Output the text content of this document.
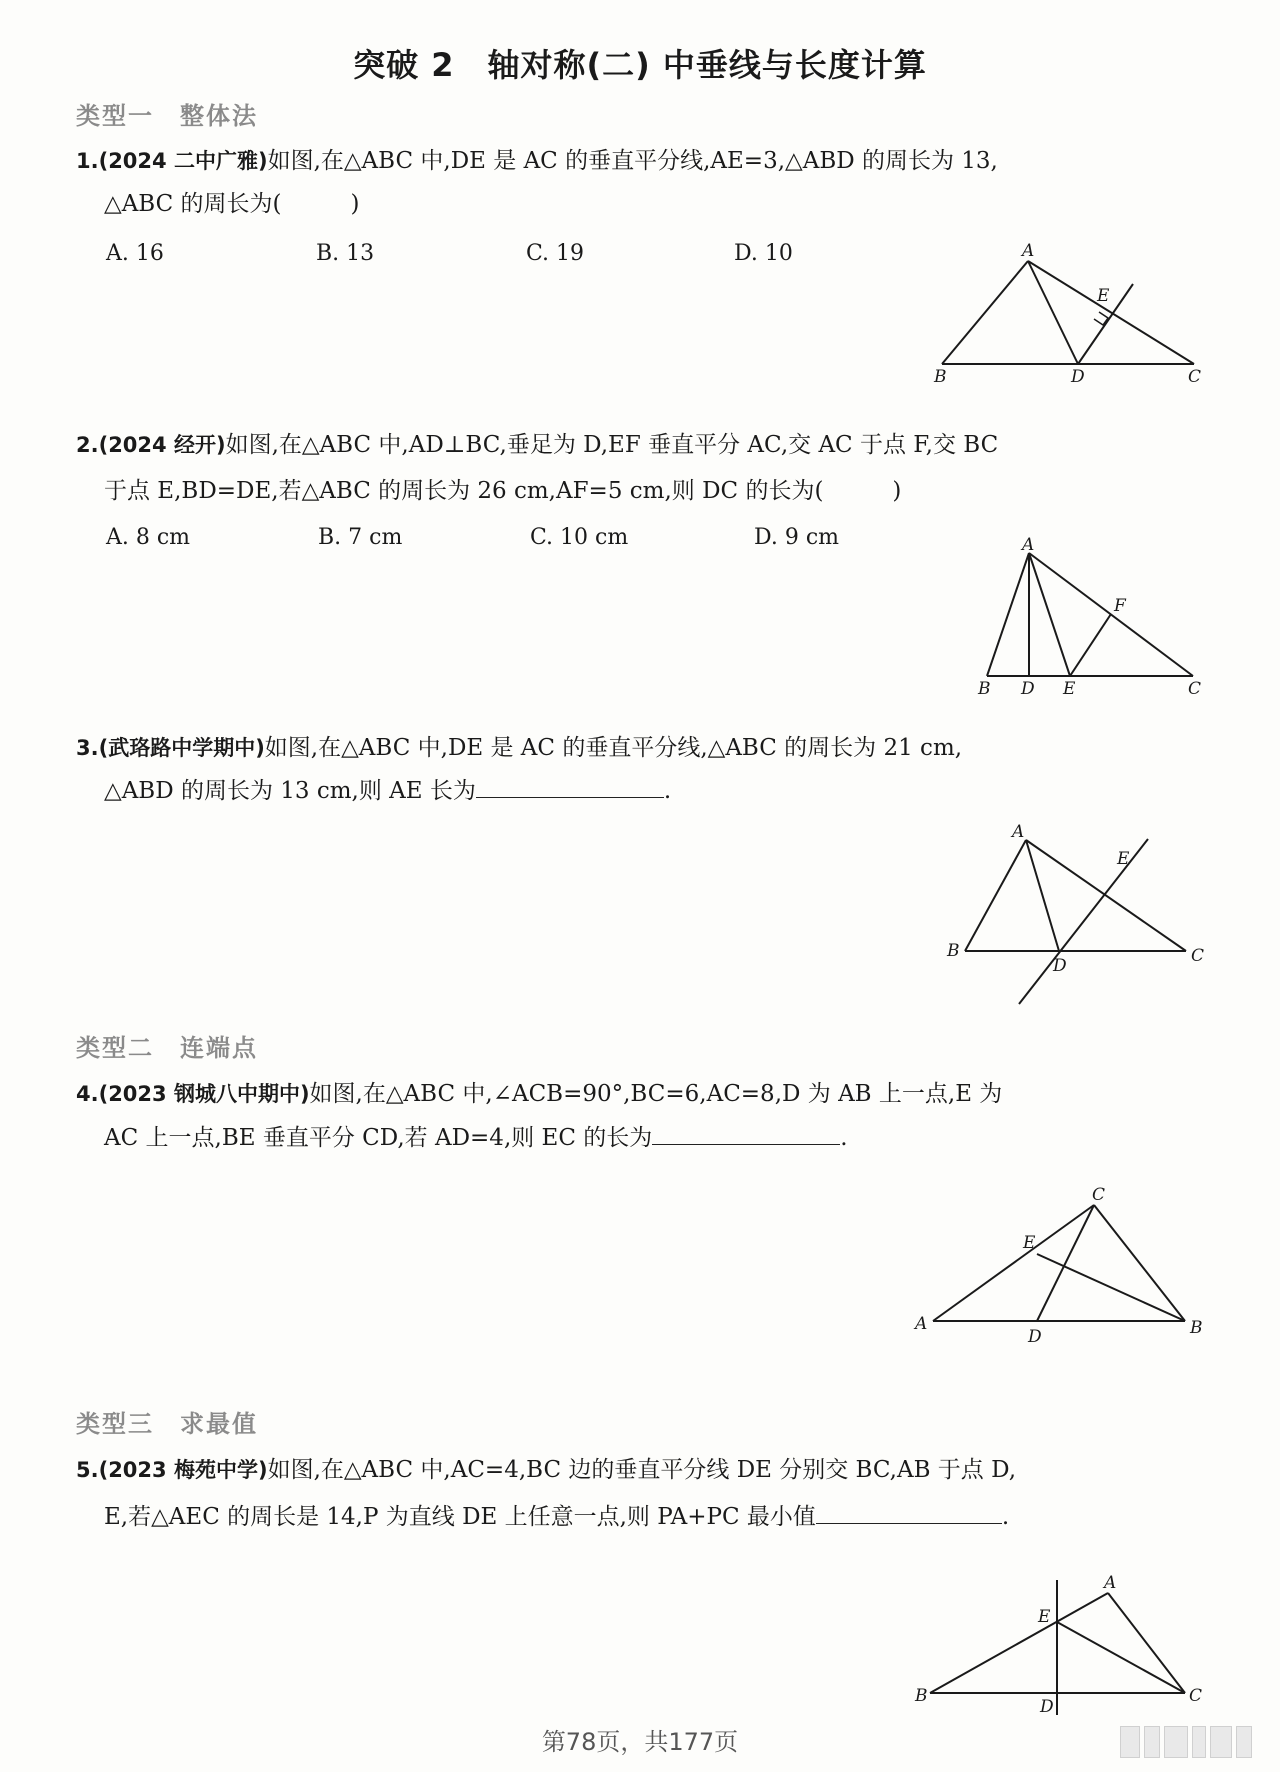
突破 2　轴对称(二) 中垂线与长度计算
类型一　整体法
1.(2024 二中广雅)如图,在△ABC 中,DE 是 AC 的垂直平分线,AE=3,△ABD 的周长为 13,
△ABC 的周长为(　　　)
A. 16	B. 13	C. 19	D. 10	A
B	C
D
E
A
B	C
D E
F
A
B	C
D
E
A	B
C
D
E
A
B	C
D
E
2.(2024 经开)如图,在△ABC 中,AD⊥BC,垂足为 D,EF 垂直平分 AC,交 AC 于点 F,交 BC
于点 E,BD=DE,若△ABC 的周长为 26 cm,AF=5 cm,则 DC 的长为(　　　)
A. 8 cm	B. 7 cm	C. 10 cm	D. 9 cm
3.(武珞路中学期中)如图,在△ABC 中,DE 是 AC 的垂直平分线,△ABC 的周长为 21 cm,
△ABD 的周长为 13 cm,则 AE 长为	.
类型二　连端点
4.(2023 钢城八中期中)如图,在△ABC 中,∠ACB=90°,BC=6,AC=8,D 为 AB 上一点,E 为
AC 上一点,BE 垂直平分 CD,若 AD=4,则 EC 的长为	.
类型三　求最值
5.(2023 梅苑中学)如图,在△ABC 中,AC=4,BC 边的垂直平分线 DE 分别交 BC,AB 于点 D,
E,若△AEC 的周长是 14,P 为直线 DE 上任意一点,则 PA+PC 最小值	.
第78页，共177页
